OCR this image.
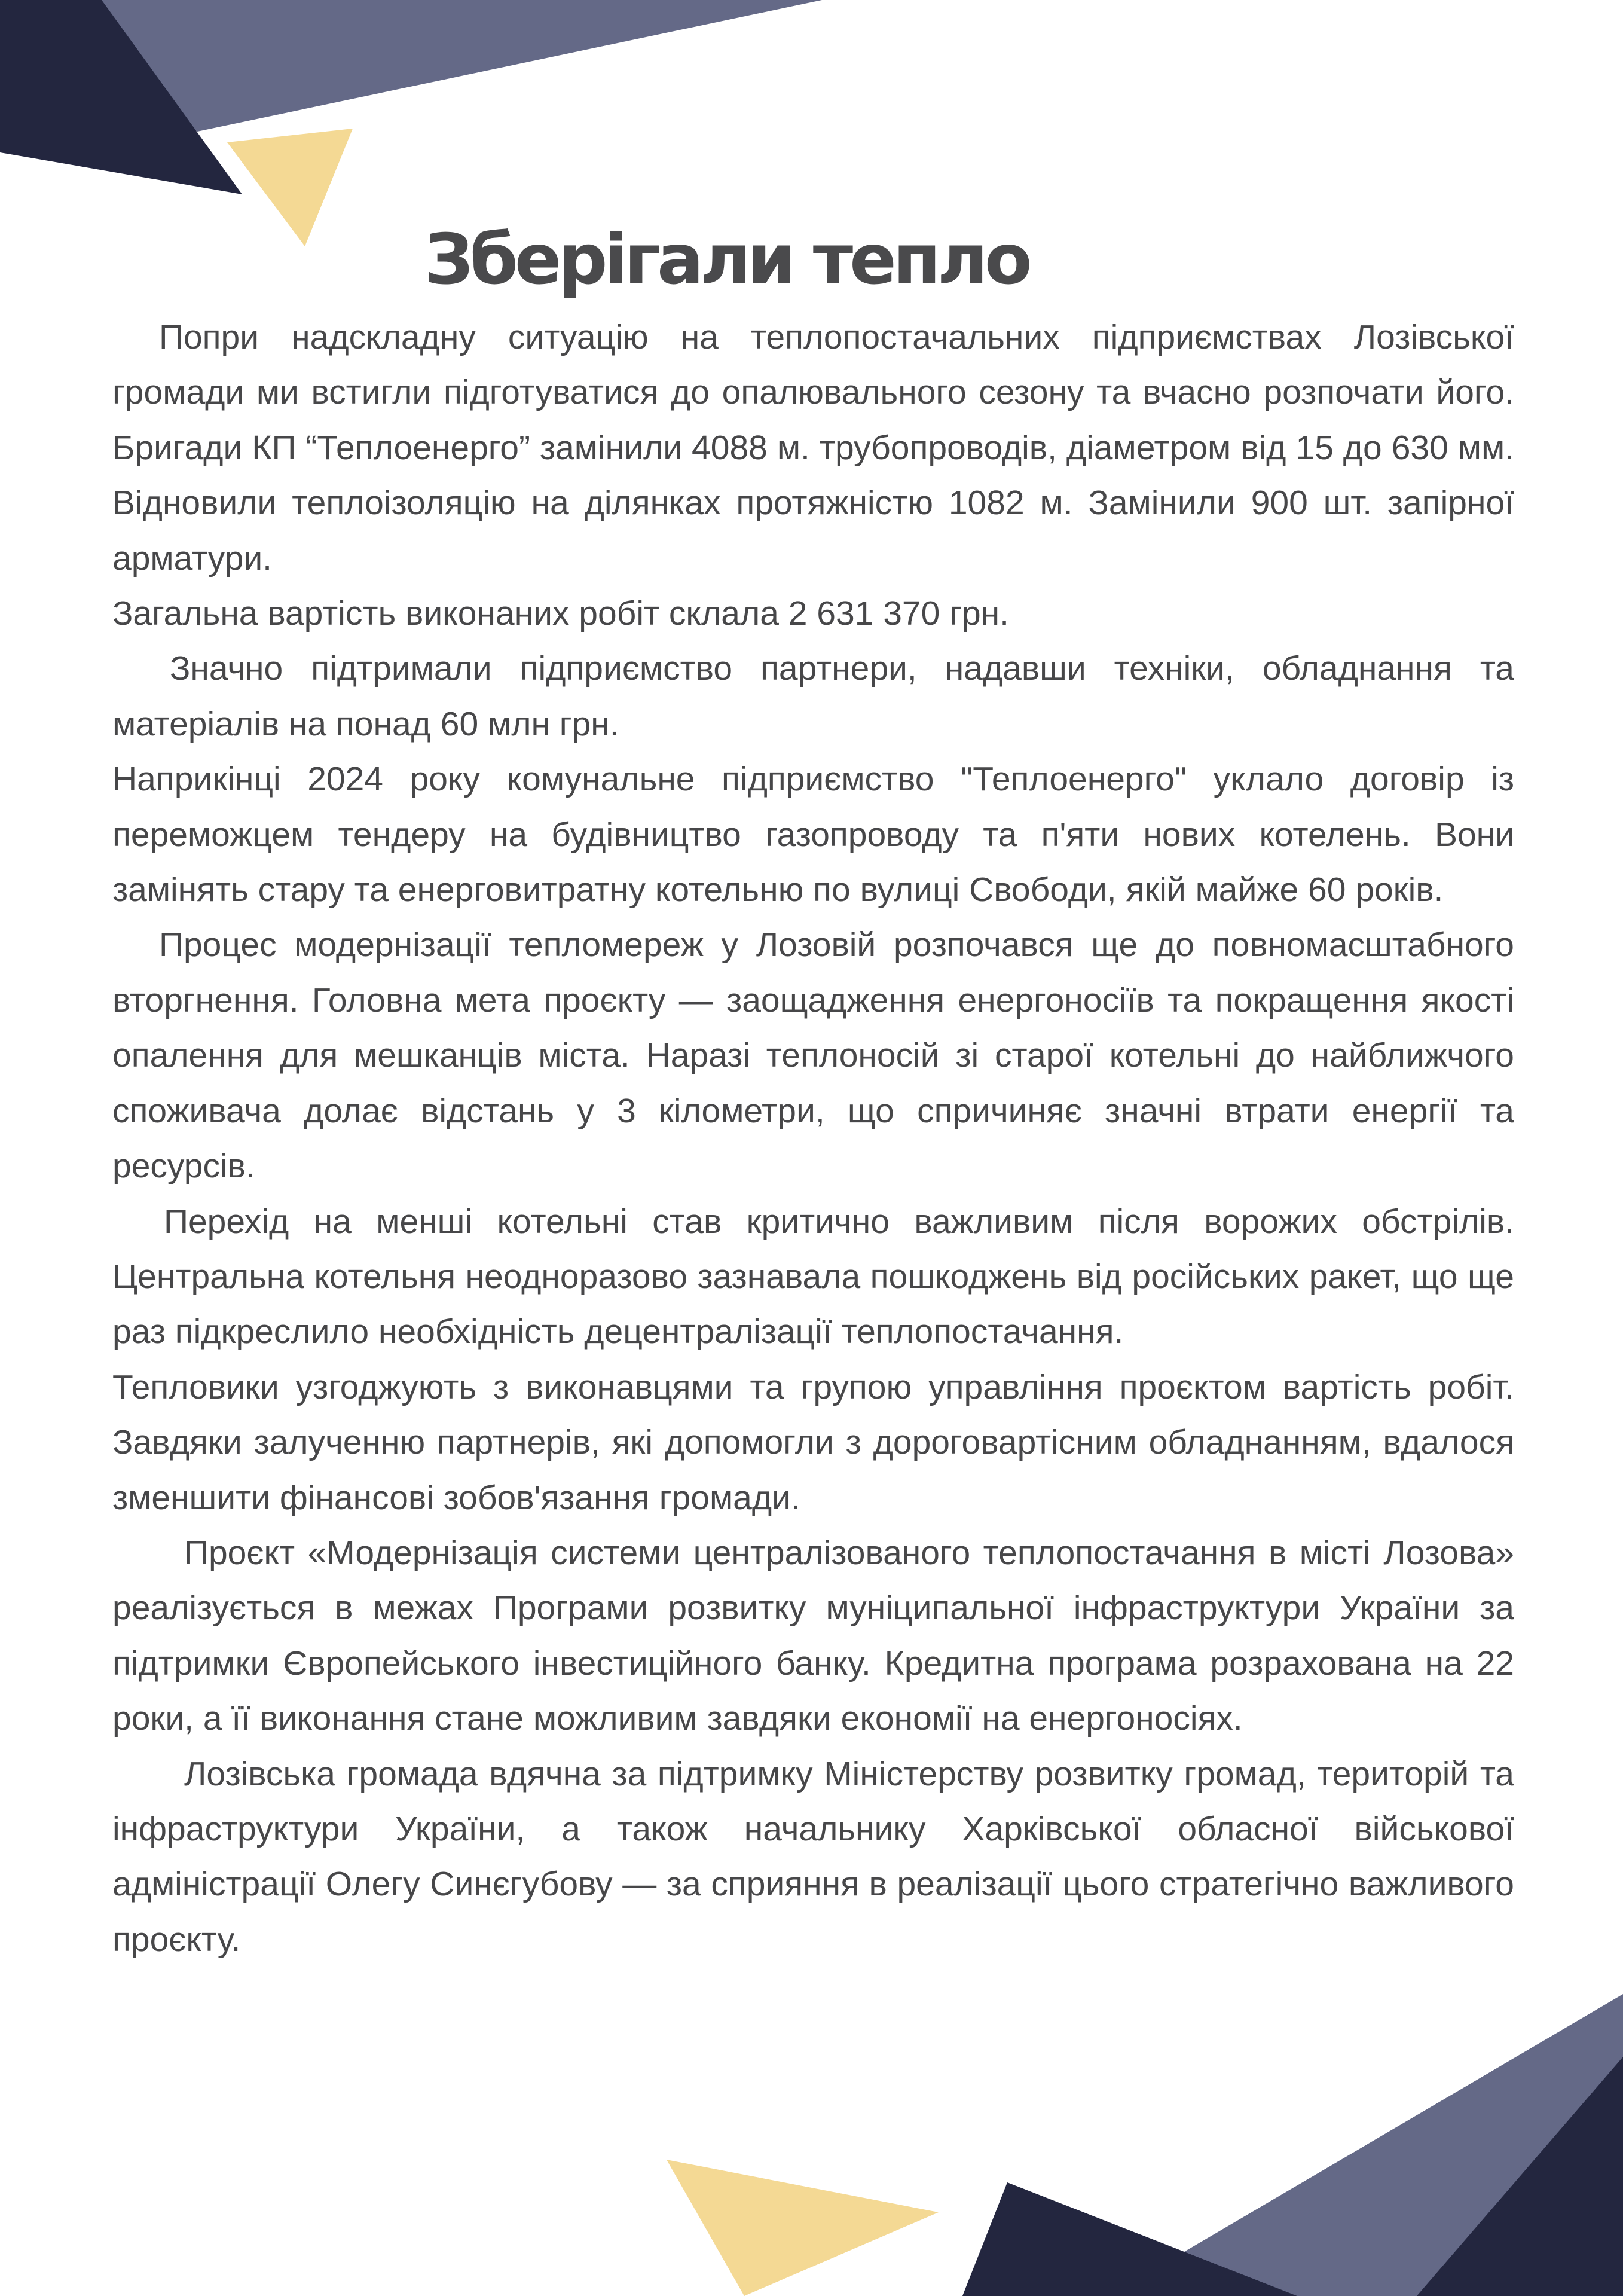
Зберігали тепло

Попри надскладну ситуацію на теплопостачальних підприємствах Лозівської громади ми встигли підготуватися до опалювального сезону та вчасно розпочати його. Бригади КП “Теплоенерго” замінили 4088 м. трубопроводів, діаметром від 15 до 630 мм. Відновили теплоізоляцію на ділянках протяжністю 1082 м. Замінили 900 шт. запірної арматури.

Загальна вартість виконаних робіт склала 2 631 370 грн.

Значно підтримали підприємство партнери, надавши техніки, обладнання та матеріалів на понад 60 млн грн.

Наприкінці 2024 року комунальне підприємство "Теплоенерго" уклало договір із переможцем тендеру на будівництво газопроводу та п'яти нових котелень. Вони замінять стару та енерговитратну котельню по вулиці Свободи, якій майже 60 років.

Процес модернізації тепломереж у Лозовій розпочався ще до повномасштабного вторгнення. Головна мета проєкту — заощадження енергоносіїв та покращення якості опалення для мешканців міста. Наразі теплоносій зі старої котельні до найближчого споживача долає відстань у 3 кілометри, що спричиняє значні втрати енергії та ресурсів.

Перехід на менші котельні став критично важливим після ворожих обстрілів. Центральна котельня неодноразово зазнавала пошкоджень від російських ракет, що ще раз підкреслило необхідність децентралізації теплопостачання.

Тепловики узгоджують з виконавцями та групою управління проєктом вартість робіт. Завдяки залученню партнерів, які допомогли з дороговартісним обладнанням, вдалося зменшити фінансові зобов'язання громади.

Проєкт «Модернізація системи централізованого теплопостачання в місті Лозова» реалізується в межах Програми розвитку муніципальної інфраструктури України за підтримки Європейського інвестиційного банку. Кредитна програма розрахована на 22 роки, а її виконання стане можливим завдяки економії на енергоносіях.

Лозівська громада вдячна за підтримку Міністерству розвитку громад, територій та інфраструктури України, а також начальнику Харківської обласної військової адміністрації Олегу Синєгубову — за сприяння в реалізації цього стратегічно важливого проєкту.
